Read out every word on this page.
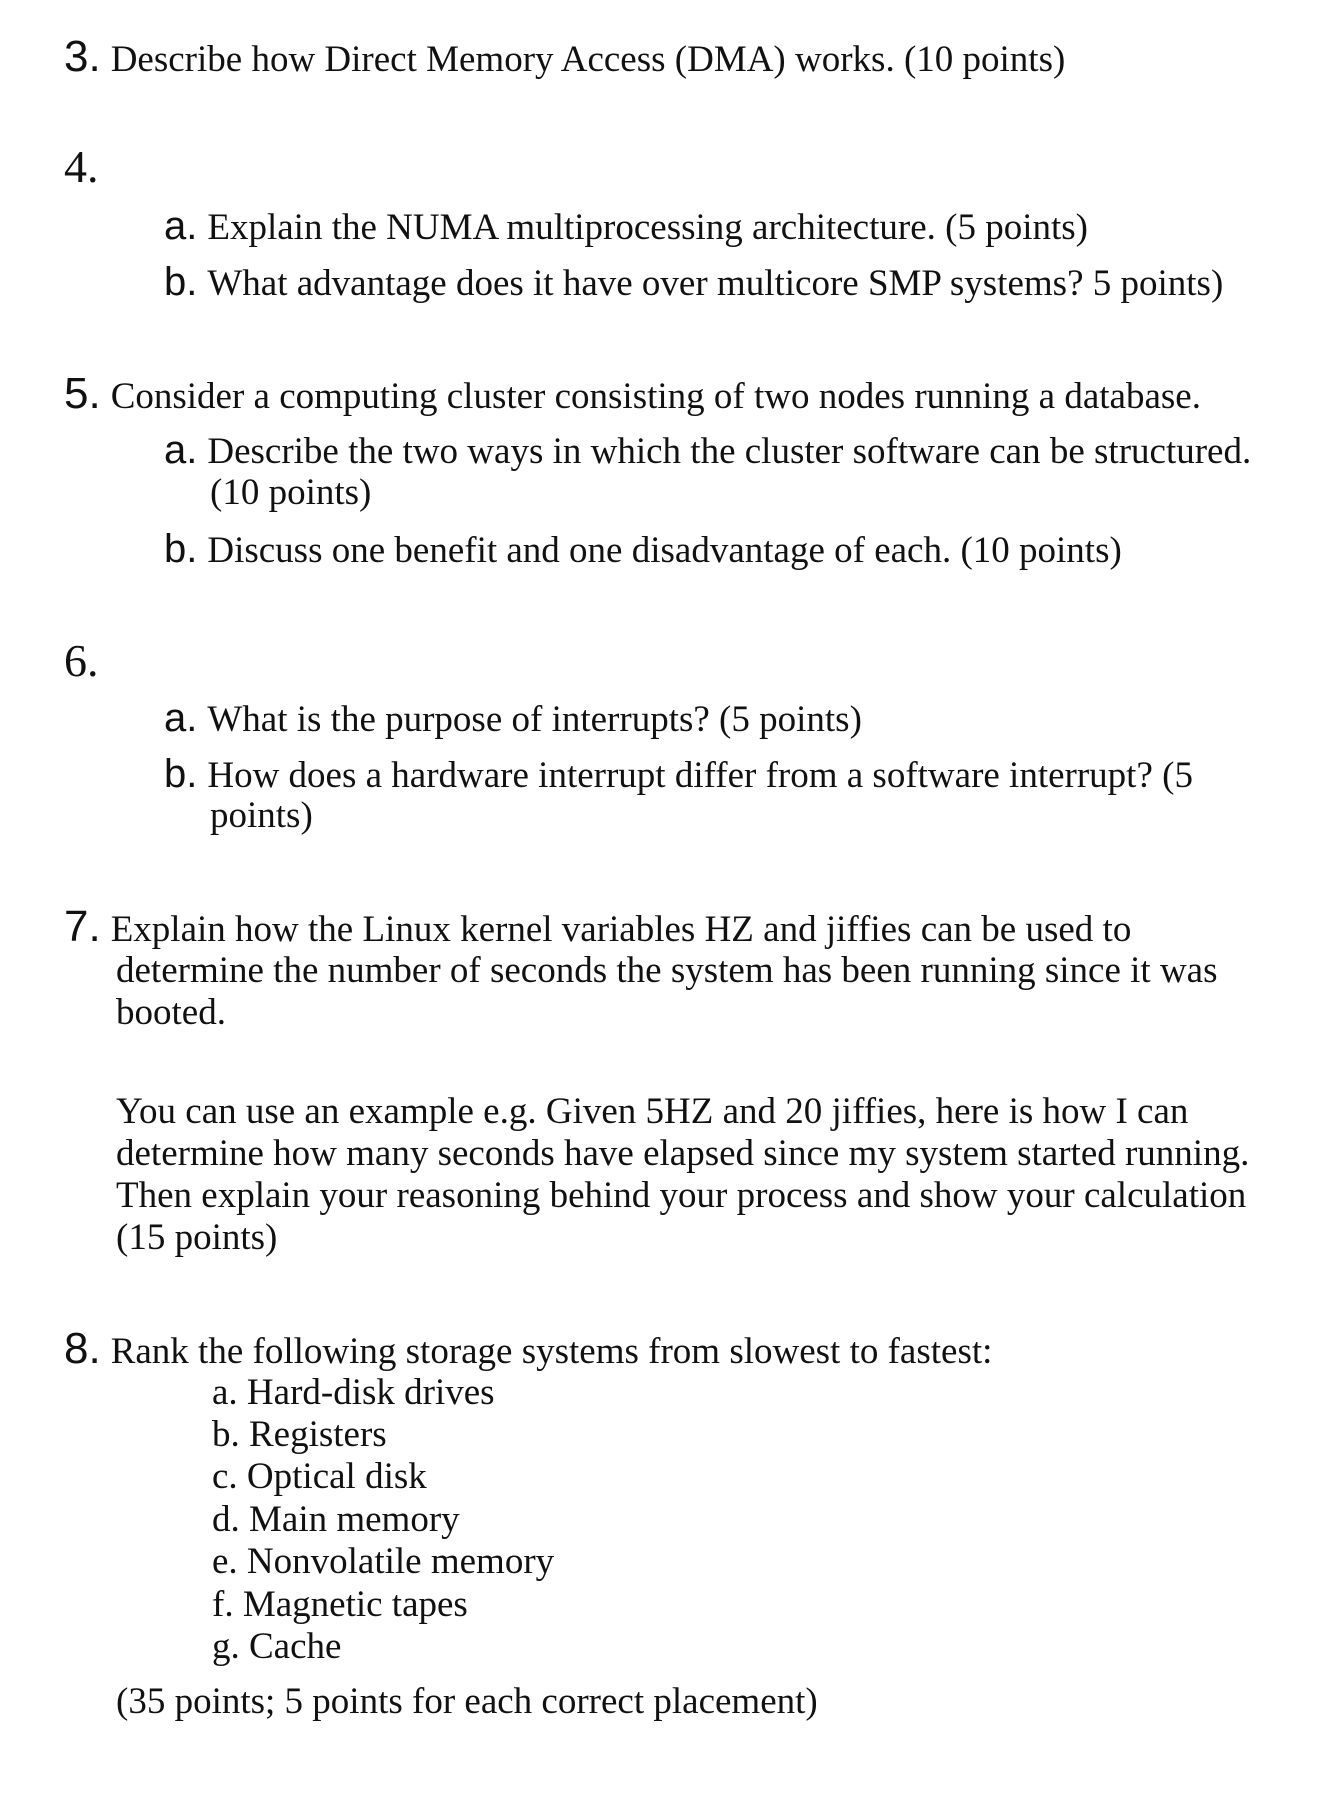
3. Describe how Direct Memory Access (DMA) works. (10 points)
4.
a. Explain the NUMA multiprocessing architecture. (5 points)
b. What advantage does it have over multicore SMP systems? 5 points)
5. Consider a computing cluster consisting of two nodes running a database.
a. Describe the two ways in which the cluster software can be structured.
(10 points)
b. Discuss one benefit and one disadvantage of each. (10 points)
6.
a. What is the purpose of interrupts? (5 points)
b. How does a hardware interrupt differ from a software interrupt? (5
points)
7. Explain how the Linux kernel variables HZ and jiffies can be used to
determine the number of seconds the system has been running since it was
booted.
You can use an example e.g. Given 5HZ and 20 jiffies, here is how I can
determine how many seconds have elapsed since my system started running.
Then explain your reasoning behind your process and show your calculation
(15 points)
8. Rank the following storage systems from slowest to fastest:
a. Hard-disk drives
b. Registers
c. Optical disk
d. Main memory
e. Nonvolatile memory
f. Magnetic tapes
g. Cache
(35 points; 5 points for each correct placement)
